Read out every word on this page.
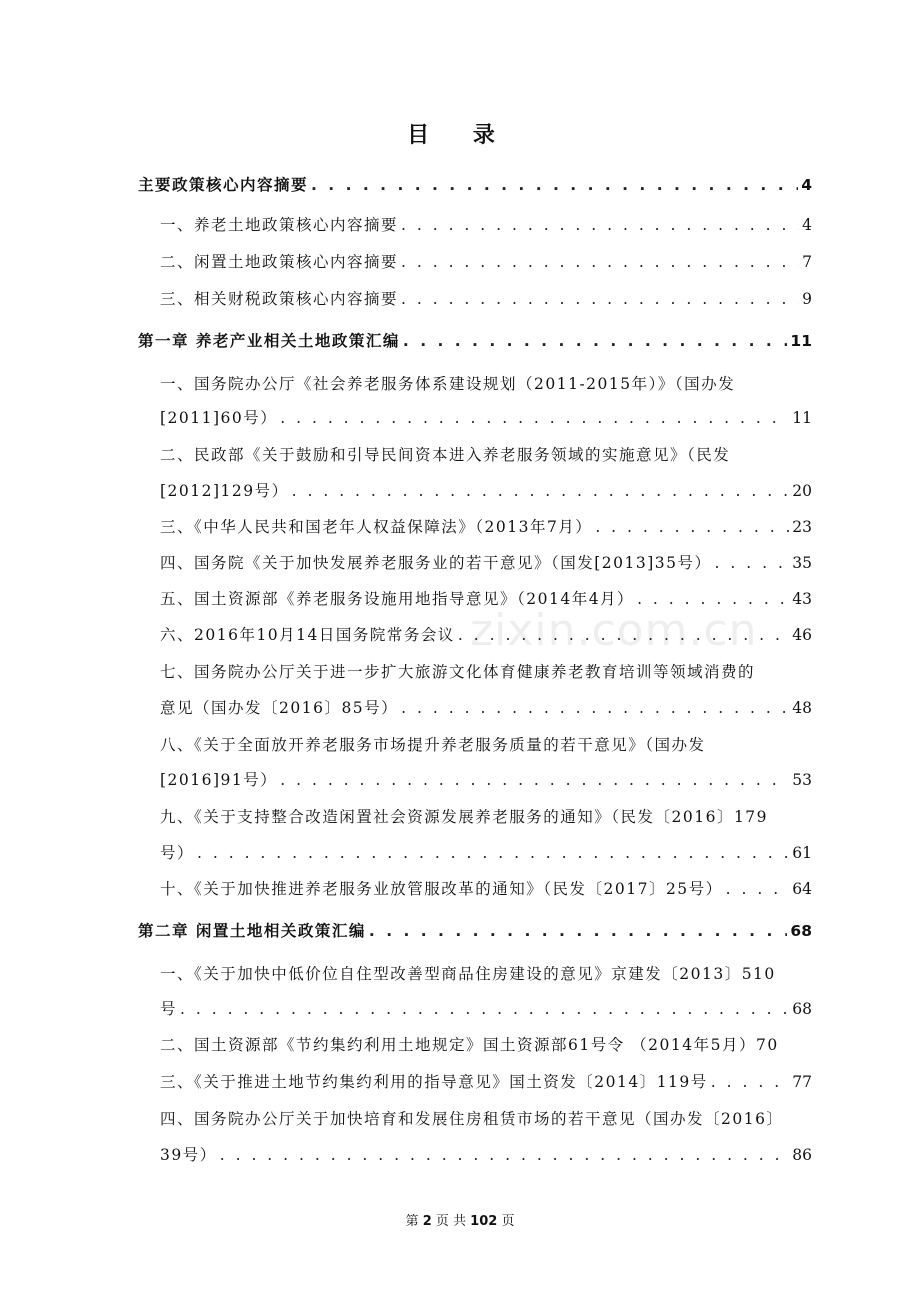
目 录
zixin.com.cn
主要政策核心内容摘要 . . .	4
一、养老土地政策核心内容摘要 . . .	4
二、闲置土地政策核心内容摘要 . . .	7
三、相关财税政策核心内容摘要 . . .	9
第一章 养老产业相关土地政策汇编 . . .	11
一、国务院办公厅《社会养老服务体系建设规划（2011-2015年）》（国办发
[2011]60号） . . .	11
二、民政部《关于鼓励和引导民间资本进入养老服务领域的实施意见》（民发
[2012]129号） . . .	20
三、《中华人民共和国老年人权益保障法》（2013年7月） . . .	23
四、国务院《关于加快发展养老服务业的若干意见》（国发[2013]35号） . . .	35
五、国土资源部《养老服务设施用地指导意见》（2014年4月） . . .	43
六、2016年10月14日国务院常务会议 . . .	46
七、国务院办公厅关于进一步扩大旅游文化体育健康养老教育培训等领域消费的
意见（国办发〔2016〕85号） . . .	48
八、《关于全面放开养老服务市场提升养老服务质量的若干意见》（国办发
[2016]91号） . . .	53
九、《关于支持整合改造闲置社会资源发展养老服务的通知》（民发〔2016〕179
号） . . .	61
十、《关于加快推进养老服务业放管服改革的通知》（民发〔2017〕25号） . . .	64
第二章 闲置土地相关政策汇编 . . .	68
一、《关于加快中低价位自住型改善型商品住房建设的意见》京建发〔2013〕510
号 . . .	68
二、国土资源部《节约集约利用土地规定》国土资源部61号令 （2014年5月）70
三、《关于推进土地节约集约利用的指导意见》国土资发〔2014〕119号 . . .	77
四、国务院办公厅关于加快培育和发展住房租赁市场的若干意见（国办发〔2016〕
39号） . . .	86
第 2 页 共 102 页
